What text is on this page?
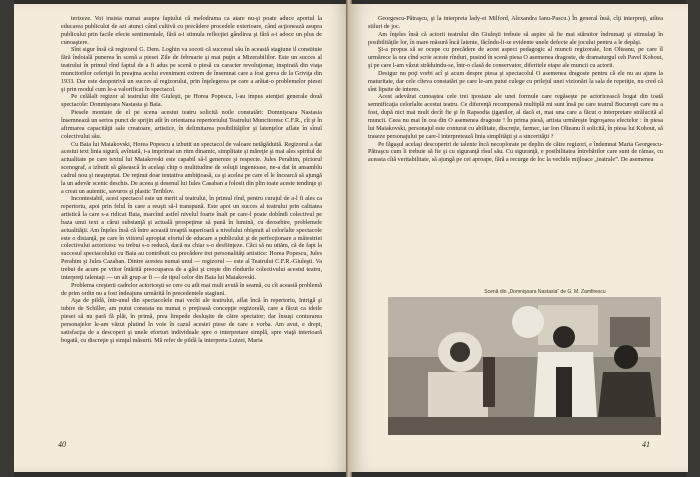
terizeze. Voi insista numai asupra faptului că melodrama ca atare nu-şi poate aduce aportul la educarea publicului de azi atunci când cultivă cu precădere procedele exterioare, când acţionează asupra publicului prin facile efecte sentimentale, fără a-i stimula reflecţiei gândirea şi fără a-i adoce un plus de cunoaştere.

Sînt sigur însă că regizorul G. Dem. Loghin va socoti că succesul său în această stagiune il constituie fără îndoială punerea în scenă a piesei Zile de februarie şi mai puţin a Mizerabililor. Este un succes al teatrului în primul rînd faptul de a fi adus pe scenă o piesă cu caracter revoluţionar, inspirată din viaţa muncitorilor ceferişti în preajma acelui eveniment extrem de însemnat care a fost greva de la Griviţa din 1933. Dar este deopotrivă un succes al regizorului, prin înţelegerea pe care a arătat-o problemelor piesei şi prin modul cum le-a valorificat în spectacol.

Pe celălalt regizor al teatrului din Giuleşti, pe Horea Popescu, l-au impus atenţiei generale două spectacole: Domnişoara Nastasia şi Baia.

Piesele montate de el pe scena acestui teatru solicită noile constatări: Domnişoara Nastasia însemnează un serios punct de sprijin atît în orientarea repertoriului Teatrului Muncitoresc C.F.R., cît şi în afirmarea capacităţii sale creatoare, artistice, în delimitarea posibilităţilor şi latenţelor aflate în sînul colectivului său.

Cu Baia lui Maiakovski, Horea Popescu a izbutit un spectacol de valoare netăgăduită. Regizorul a dat acestui text linia sigură, avîntată, i-a imprimat un ritm dinamic, simplitate şi măreţie şi mai ales spiritul de actualitate pe care textul lui Maiakovski este capabil să-l genereze şi respecte. Jules Perahim, pictorul scenograf, a izbutit să găsească în acelaşi chip o multitudine de soluţii ingenioase, ne-a dat în ansamblu cadrul nou şi neaşteptat. De reţinut doar tentativa ambiţioasă, ca şi acelea pe care el le încearcă să ajungă la un adevăr scenic deschis. De aceea şi desenul lui Iules Casaban a folosit din plin toate aceste tendinţe şi a creat un autentic, savuros şi plastic Teriblov.

Incontestabil, acest spectacol este un merit al teatrului, în primul rînd, pentru curajul de a-l fi ales ca repertoriu, apoi prin felul în care a reuşit să-l transpună. Este apoi un succes al teatrului prin calitatea artistică la care s-a ridicat Baia, marcînd astfel nivelul foarte înalt pe care-l poate dobîndi colectivul pe baza unui text a cărui substanţă şi actuală prospeţime să pună în lumină, cu deosebire, problemele actualităţii. Am înţeles însă că între această treaptă superioară a nivelului obişnuit al celorlalte spectacole este o distanţă, pe care în viitorul apropiat efortul de educare a publicului şi de perfecţionare a măiestriei colectivului actoricesc va trebui s-o reducă, dacă nu chiar s-o desfiinţeze. Căci să nu uităm, că de fapt la succesul spectacolului cu Baia au contribuit cu precădere trei personalităţi artistice: Horea Popescu, Jules Perahim şi Jules Cazaban. Dintre acestea numai unul — regizorul — este al Teatrului C.F.R.-Giuleşti. Va trebui de acum pe viitor întărită preocuparea de a găsi şi creşte din rîndurile colectivului acestui teatru, interpreţi talentaţi — un alt grup ar fi — de tipul celor din Baia lui Maiakovski.

Problema creşterii cadrelor actoriceşti se cere cu atît mai mult avută în seamă, cu cît această problemă de prim ordin nu a fost îndeajuns urmărită în precedentele stagiuni.

Aşa de pildă, într-unul din spectacolele mai vechi ale teatrului, aflat încă în repertoriu, Intrigă şi iubire de Schiller, am putut constata nu numai o preţioasă concepţie regizorală, care a făcut ca ideile piesei să nu pară fă plăi, în primă, prea limpede deslușite de către spectator; dar însuşi conturarea personajelor le-am văzut plutind în voie în cazul acestei piese de care e vorba. Am avut, e drept, satisfacţia de a descoperi şi unele eforturi individuale spre o interpretare simplă, spre viaţă interioară bogată, cu discreţie şi simţul măsurii. Mă refer de pildă la interpreta Luizei, Maria

40

Georgescu-Pătraşcu, şi la interpreta lady-ei Milford, Alexandra Ianu-Pascu.) În general însă, cîţi interpreţi, atîtea stiluri de joc.

Am înţeles însă că actorii teatrului din Giuleşti trebuie să aspire să fie mai stăruitor îndrumaţi şi stimulaţi în posibilităţile lor, în mare măsură încă latente, făcîndu-li-se evidente unele defecte ale jocului pentru a le depăşi.

Şi-a propus să se ocupe cu precădere de acest aspect pedagogic al muncii regizorale, Ion Olteanu, pe care îl urmărece la ora cînd scrie aceste rînduri, pusind în scenă piesa O asemenea dragoste, de dramaturgul ceh Pavel Kohout, şi pe care l-am văzut străduindu-se, într-o clasă de conservator, diferitele etape ale muncii cu actorii.

Desigur nu poţi vorbi acî şi acum despre piesa şi spectacolul O asemenea dragoste pentru că ele nu au ajuns la maturitate, dar cele cîteva constatări pe care le-am putut culege cu prilejul unei vizionări la sala de repetiţie, nu cred că sînt lipsite de interes.

Acest adevărat cunoaştea cele trei ipostaze ale unei formule care regăseşte pe actoricească bogat din toată semnificaţia celorlalte acestui teatru. Ce diferenţă recompensă multiplă mi sunt însă pe care teatrul Bucureşti care nu a fost, după nici mai mult decît fie şi în Rapsodia ţiganilor, al dacă ei, mai una care a făcut o interpretare strălucită al muncii. Ceea nu mai în cea din O asemenea dragoste ! În prima piesă, artista urmăreşte îngroşarea efectelor : în piesa lui Maiakovski, personajul este conturat cu abilitate, discreţie, farmec, iar Ion Olteanu îi solicită, în piesa lui Kohout, să traseze personajului pe care-l interpretează linia simplităţii şi a sincerităţii ?

Pe făgaşul acelaşi descoperiri de talente încă necoplorate pe deplin de către regizori, e îndemnat Maria Georgescu-Pătraşcu cum îi trebuie să fie şi cu siguranţă rîsul său. Cu siguranţă, e posibilitatea întrebărilor care sunt de rămas, cu aceasta cîtă veritabilitate, să ajungă pe cei aproape, fără a recurge de loc la vechile mijloace „teatrale”. De asemenea

Scenă din „Domnişoara Nastasia” de G. M. Zamfirescu
41
